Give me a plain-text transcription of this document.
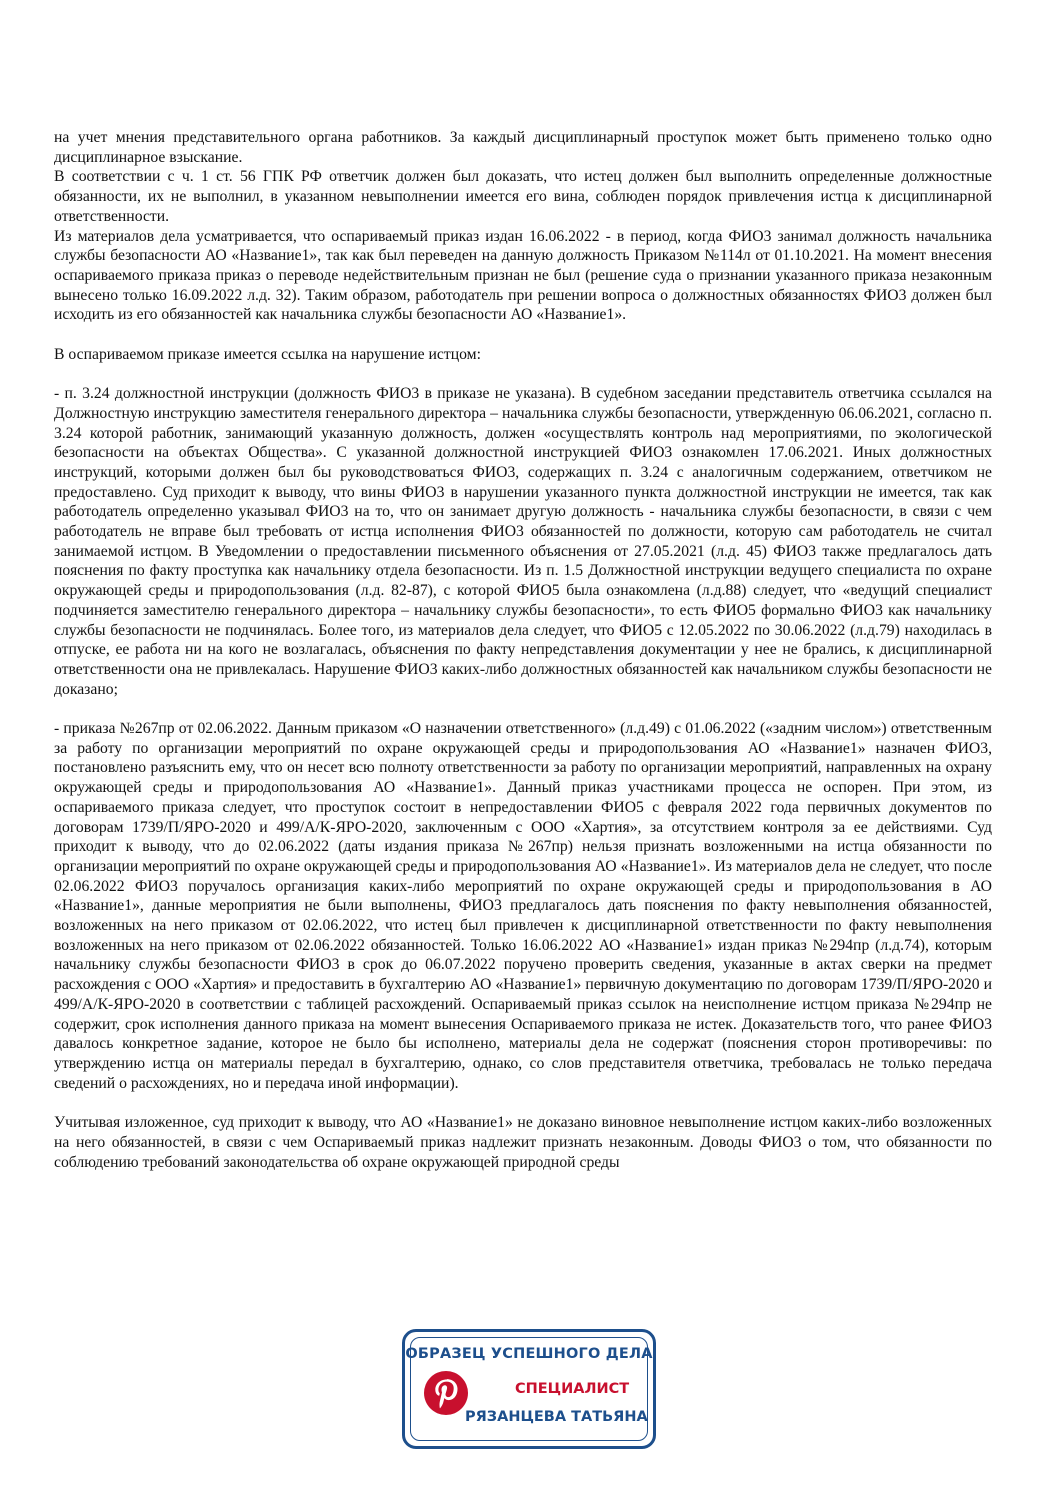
на учет мнения представительного органа работников. За каждый дисциплинарный проступок может быть применено только одно дисциплинарное взыскание.

В соответствии с ч. 1 ст. 56 ГПК РФ ответчик должен был доказать, что истец должен был выполнить определенные должностные обязанности, их не выполнил, в указанном невыполнении имеется его вина, соблюден порядок привлечения истца к дисциплинарной ответственности.

Из материалов дела усматривается, что оспариваемый приказ издан 16.06.2022 - в период, когда ФИО3 занимал должность начальника службы безопасности АО «Название1», так как был переведен на данную должность Приказом №114л от 01.10.2021. На момент внесения оспариваемого приказа приказ о переводе недействительным признан не был (решение суда о признании указанного приказа незаконным вынесено только 16.09.2022 л.д. 32). Таким образом, работодатель при решении вопроса о должностных обязанностях ФИО3 должен был исходить из его обязанностей как начальника службы безопасности АО «Название1».

В оспариваемом приказе имеется ссылка на нарушение истцом:

- п. 3.24 должностной инструкции (должность ФИО3 в приказе не указана). В судебном заседании представитель ответчика ссылался на Должностную инструкцию заместителя генерального директора – начальника службы безопасности, утвержденную 06.06.2021, согласно п. 3.24 которой работник, занимающий указанную должность, должен «осуществлять контроль над мероприятиями, по экологической безопасности на объектах Общества». С указанной должностной инструкцией ФИО3 ознакомлен 17.06.2021. Иных должностных инструкций, которыми должен был бы руководствоваться ФИО3, содержащих п. 3.24 с аналогичным содержанием, ответчиком не предоставлено. Суд приходит к выводу, что вины ФИО3 в нарушении указанного пункта должностной инструкции не имеется, так как работодатель определенно указывал ФИО3 на то, что он занимает другую должность - начальника службы безопасности, в связи с чем работодатель не вправе был требовать от истца исполнения ФИО3 обязанностей по должности, которую сам работодатель не считал занимаемой истцом. В Уведомлении о предоставлении письменного объяснения от 27.05.2021 (л.д. 45) ФИО3 также предлагалось дать пояснения по факту проступка как начальнику отдела безопасности. Из п. 1.5 Должностной инструкции ведущего специалиста по охране окружающей среды и природопользования (л.д. 82-87), с которой ФИО5 была ознакомлена (л.д.88) следует, что «ведущий специалист подчиняется заместителю генерального директора – начальнику службы безопасности», то есть ФИО5 формально ФИО3 как начальнику службы безопасности не подчинялась. Более того, из материалов дела следует, что ФИО5 с 12.05.2022 по 30.06.2022 (л.д.79) находилась в отпуске, ее работа ни на кого не возлагалась, объяснения по факту непредставления документации у нее не брались, к дисциплинарной ответственности она не привлекалась. Нарушение ФИО3 каких-либо должностных обязанностей как начальником службы безопасности не доказано;

- приказа №267пр от 02.06.2022. Данным приказом «О назначении ответственного» (л.д.49) с 01.06.2022 («задним числом») ответственным за работу по организации мероприятий по охране окружающей среды и природопользования АО «Название1» назначен ФИО3, постановлено разъяснить ему, что он несет всю полноту ответственности за работу по организации мероприятий, направленных на охрану окружающей среды и природопользования АО «Название1». Данный приказ участниками процесса не оспорен. При этом, из оспариваемого приказа следует, что проступок состоит в непредоставлении ФИО5 с февраля 2022 года первичных документов по договорам 1739/П/ЯРО-2020 и 499/А/К-ЯРО-2020, заключенным с ООО «Хартия», за отсутствием контроля за ее действиями. Суд приходит к выводу, что до 02.06.2022 (даты издания приказа №267пр) нельзя признать возложенными на истца обязанности по организации мероприятий по охране окружающей среды и природопользования АО «Название1». Из материалов дела не следует, что после 02.06.2022 ФИО3 поручалось организация каких-либо мероприятий по охране окружающей среды и природопользования в АО «Название1», данные мероприятия не были выполнены, ФИО3 предлагалось дать пояснения по факту невыполнения обязанностей, возложенных на него приказом от 02.06.2022, что истец был привлечен к дисциплинарной ответственности по факту невыполнения возложенных на него приказом от 02.06.2022 обязанностей. Только 16.06.2022 АО «Название1» издан приказ №294пр (л.д.74), которым начальнику службы безопасности ФИО3 в срок до 06.07.2022 поручено проверить сведения, указанные в актах сверки на предмет расхождения с ООО «Хартия» и предоставить в бухгалтерию АО «Название1» первичную документацию по договорам 1739/П/ЯРО-2020 и 499/А/К-ЯРО-2020 в соответствии с таблицей расхождений. Оспариваемый приказ ссылок на неисполнение истцом приказа №294пр не содержит, срок исполнения данного приказа на момент вынесения Оспариваемого приказа не истек. Доказательств того, что ранее ФИО3 давалось конкретное задание, которое не было бы исполнено, материалы дела не содержат (пояснения сторон противоречивы: по утверждению истца он материалы передал в бухгалтерию, однако, со слов представителя ответчика, требовалась не только передача сведений о расхождениях, но и передача иной информации).

Учитывая изложенное, суд приходит к выводу, что АО «Название1» не доказано виновное невыполнение истцом каких-либо возложенных на него обязанностей, в связи с чем Оспариваемый приказ надлежит признать незаконным. Доводы ФИО3 о том, что обязанности по соблюдению требований законодательства об охране окружающей природной среды

ОБРАЗЕЦ УСПЕШНОГО ДЕЛА
СПЕЦИАЛИСТ
РЯЗАНЦЕВА ТАТЬЯНА
